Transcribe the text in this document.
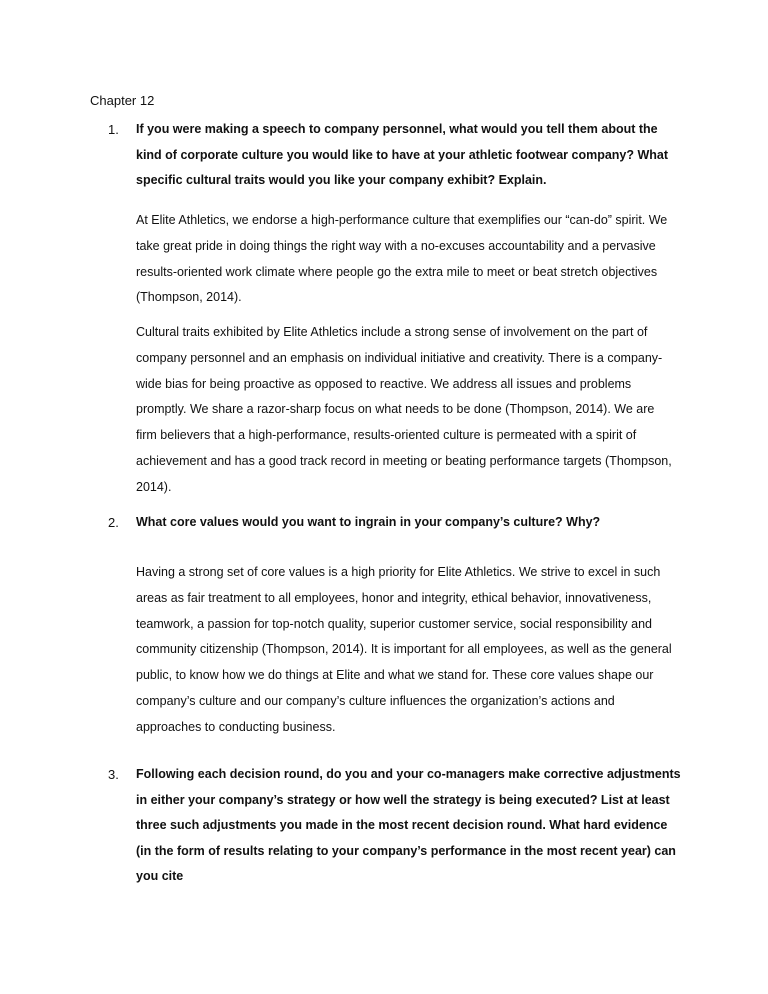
Chapter 12
1. If you were making a speech to company personnel, what would you tell them about the kind of corporate culture you would like to have at your athletic footwear company? What specific cultural traits would you like your company exhibit? Explain.
At Elite Athletics, we endorse a high-performance culture that exemplifies our “can-do” spirit. We take great pride in doing things the right way with a no-excuses accountability and a pervasive results-oriented work climate where people go the extra mile to meet or beat stretch objectives (Thompson, 2014).
Cultural traits exhibited by Elite Athletics include a strong sense of involvement on the part of company personnel and an emphasis on individual initiative and creativity. There is a company-wide bias for being proactive as opposed to reactive. We address all issues and problems promptly. We share a razor-sharp focus on what needs to be done (Thompson, 2014). We are firm believers that a high-performance, results-oriented culture is permeated with a spirit of achievement and has a good track record in meeting or beating performance targets (Thompson, 2014).
2. What core values would you want to ingrain in your company’s culture? Why?
Having a strong set of core values is a high priority for Elite Athletics. We strive to excel in such areas as fair treatment to all employees, honor and integrity, ethical behavior, innovativeness, teamwork, a passion for top-notch quality, superior customer service, social responsibility and community citizenship (Thompson, 2014). It is important for all employees, as well as the general public, to know how we do things at Elite and what we stand for. These core values shape our company’s culture and our company’s culture influences the organization’s actions and approaches to conducting business.
3. Following each decision round, do you and your co-managers make corrective adjustments in either your company’s strategy or how well the strategy is being executed? List at least three such adjustments you made in the most recent decision round. What hard evidence (in the form of results relating to your company’s performance in the most recent year) can you cite
